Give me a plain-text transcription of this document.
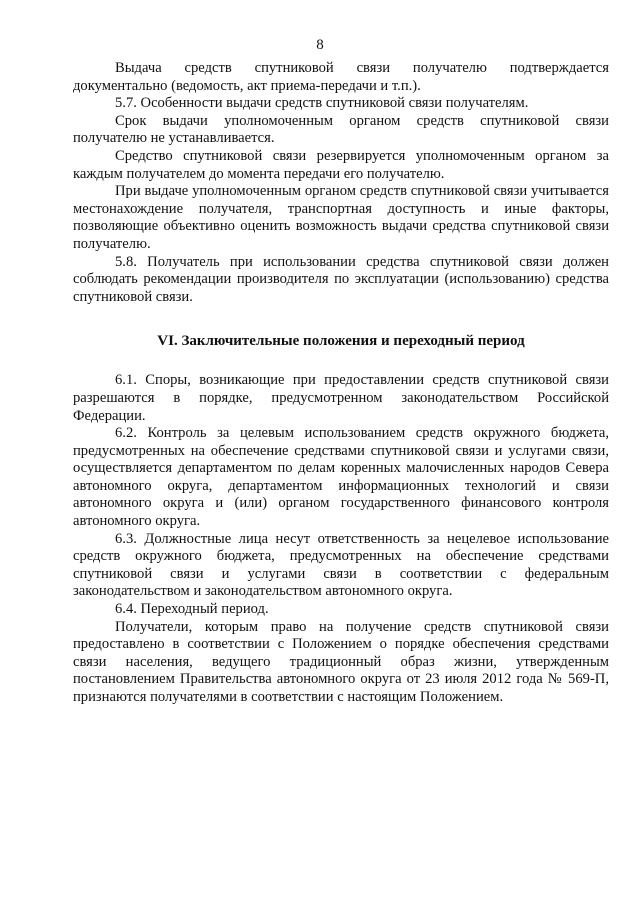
8

Выдача средств спутниковой связи получателю подтверждается документально (ведомость, акт приема-передачи и т.п.).

5.7. Особенности выдачи средств спутниковой связи получателям.

Срок выдачи уполномоченным органом средств спутниковой связи получателю не устанавливается.

Средство спутниковой связи резервируется уполномоченным органом за каждым получателем до момента передачи его получателю.

При выдаче уполномоченным органом средств спутниковой связи учитывается местонахождение получателя, транспортная доступность и иные факторы, позволяющие объективно оценить возможность выдачи средства спутниковой связи получателю.

5.8. Получатель при использовании средства спутниковой связи должен соблюдать рекомендации производителя по эксплуатации (использованию) средства спутниковой связи.

VI. Заключительные положения и переходный период

6.1. Споры, возникающие при предоставлении средств спутниковой связи разрешаются в порядке, предусмотренном законодательством Российской Федерации.

6.2. Контроль за целевым использованием средств окружного бюджета, предусмотренных на обеспечение средствами спутниковой связи и услугами связи, осуществляется департаментом по делам коренных малочисленных народов Севера автономного округа, департаментом информационных технологий и связи автономного округа и (или) органом государственного финансового контроля автономного округа.

6.3. Должностные лица несут ответственность за нецелевое использование средств окружного бюджета, предусмотренных на обеспечение средствами спутниковой связи и услугами связи в соответствии с федеральным законодательством и законодательством автономного округа.

6.4. Переходный период.

Получатели, которым право на получение средств спутниковой связи предоставлено в соответствии с Положением о порядке обеспечения средствами связи населения, ведущего традиционный образ жизни, утвержденным постановлением Правительства автономного округа от 23 июля 2012 года № 569-П, признаются получателями в соответствии с настоящим Положением.
